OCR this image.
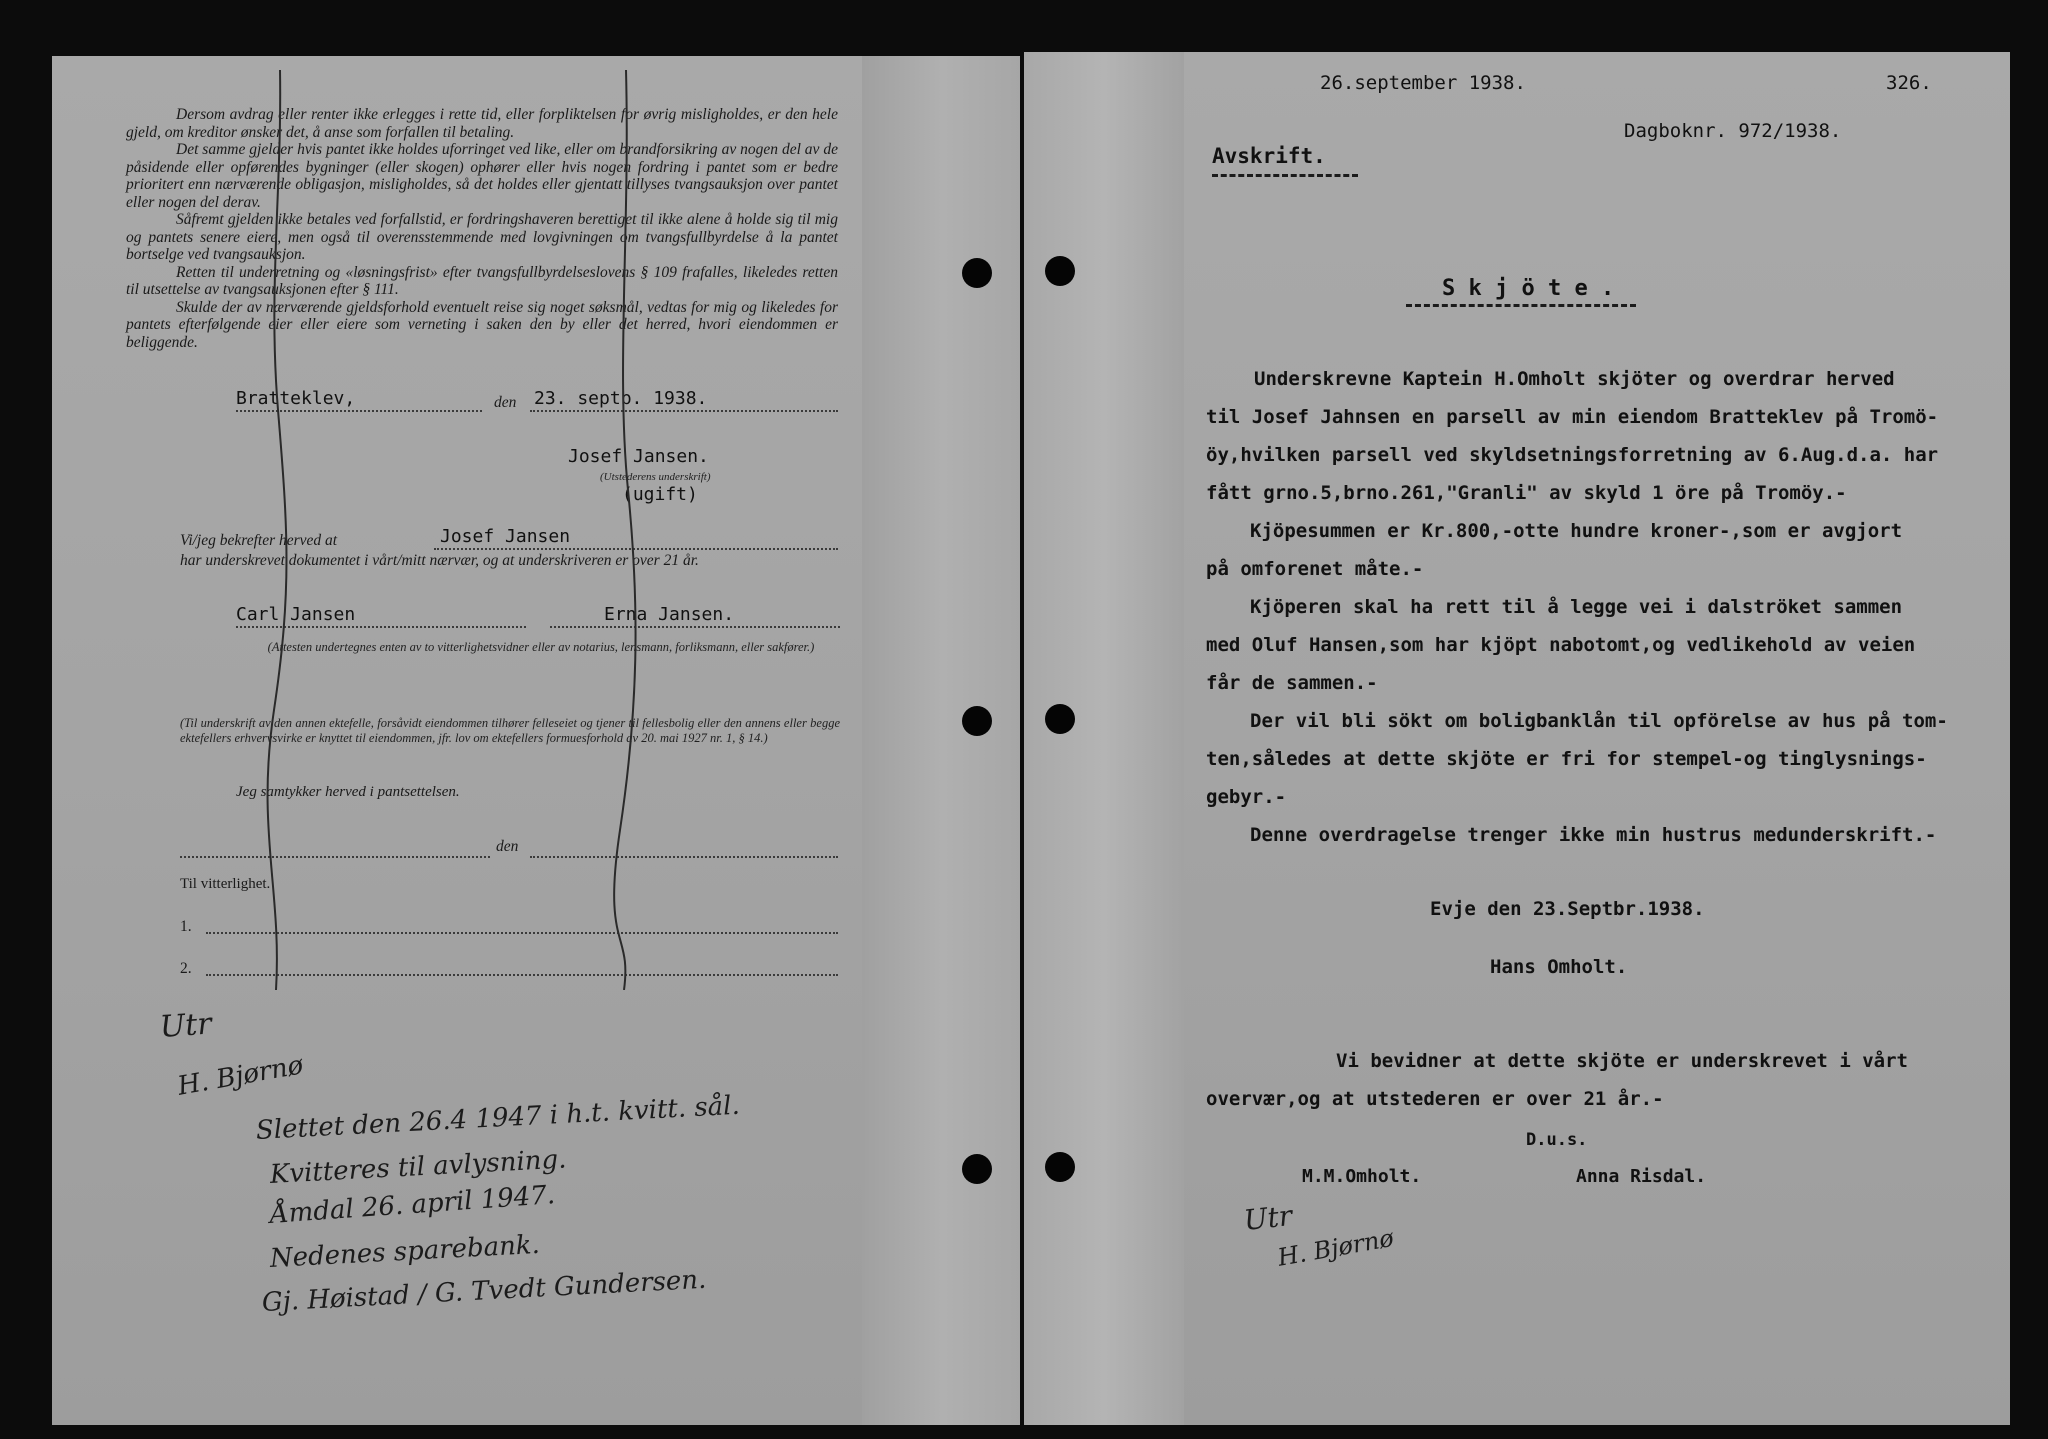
Dersom avdrag eller renter ikke erlegges i rette tid, eller forpliktelsen for øvrig misligholdes, er den hele gjeld, om kreditor ønsker det, å anse som forfallen til betaling.

Det samme gjelder hvis pantet ikke holdes uforringet ved like, eller om brandforsikring av nogen del av de påsidende eller opførendes bygninger (eller skogen) ophører eller hvis nogen fordring i pantet som er bedre prioritert enn nærværende obligasjon, misligholdes, så det holdes eller gjentatt tillyses tvangsauksjon over pantet eller nogen del derav.

Såfremt gjelden ikke betales ved forfallstid, er fordringshaveren berettiget til ikke alene å holde sig til mig og pantets senere eiere, men også til overensstemmende med lovgivningen om tvangsfullbyrdelse å la pantet bortselge ved tvangsauksjon.

Retten til underretning og «løsningsfrist» efter tvangsfullbyrdelseslovens § 109 frafalles, likeledes retten til utsettelse av tvangsauksjonen efter § 111.

Skulde der av nærværende gjeldsforhold eventuelt reise sig noget søksmål, vedtas for mig og likeledes for pantets efterfølgende eier eller eiere som verneting i saken den by eller det herred, hvori eiendommen er beliggende.

Bratteklev,	den 23. septb. 1938.
Josef Jansen.
(Utstederens underskrift)
(ugift)
Vi/jeg bekrefter herved at	Josef Jansen
har underskrevet dokumentet i vårt/mitt nærvær, og at underskriveren er over 21 år.
Carl Jansen	Erna Jansen.
(Attesten undertegnes enten av to vitterlighetsvidner eller av notarius, lensmann, forliksmann, eller sakfører.)
(Til underskrift av den annen ektefelle, forsåvidt eiendommen tilhører felleseiet og tjener til fellesbolig eller den annens eller begge ektefellers erhvervsvirke er knyttet til eiendommen, jfr. lov om ektefellers formuesforhold av 20. mai 1927 nr. 1, § 14.)
Jeg samtykker herved i pantsettelsen.
den
Til vitterlighet.
1.
2.
Utr
H. Bjørnø
Slettet den 26.4 1947 i h.t. kvitt. sål.
Kvitteres til avlysning.
Åmdal 26. april 1947.
Nedenes sparebank.
Gj. Høistad / G. Tvedt Gundersen.
26.september 1938.	326.
Dagboknr. 972/1938.
Avskrift.
S k j ö t e .
Underskrevne Kaptein H.Omholt skjöter og overdrar herved
til Josef Jahnsen en parsell av min eiendom Bratteklev på Tromö-
öy,hvilken parsell ved skyldsetningsforretning av 6.Aug.d.a. har
fått grno.5,brno.261,"Granli" av skyld 1 öre på Tromöy.-
Kjöpesummen er Kr.800,-otte hundre kroner-,som er avgjort
på omforenet måte.-
Kjöperen skal ha rett til å legge vei i dalströket sammen
med Oluf Hansen,som har kjöpt nabotomt,og vedlikehold av veien
får de sammen.-
Der vil bli sökt om boligbanklån til opförelse av hus på tom-
ten,således at dette skjöte er fri for stempel-og tinglysnings-
gebyr.-
Denne overdragelse trenger ikke min hustrus medunderskrift.-
Evje den 23.Septbr.1938.
Hans Omholt.
Vi bevidner at dette skjöte er underskrevet i vårt
overvær,og at utstederen er over 21 år.-
D.u.s.
M.M.Omholt.	Anna Risdal.
Utr
H. Bjørnø
